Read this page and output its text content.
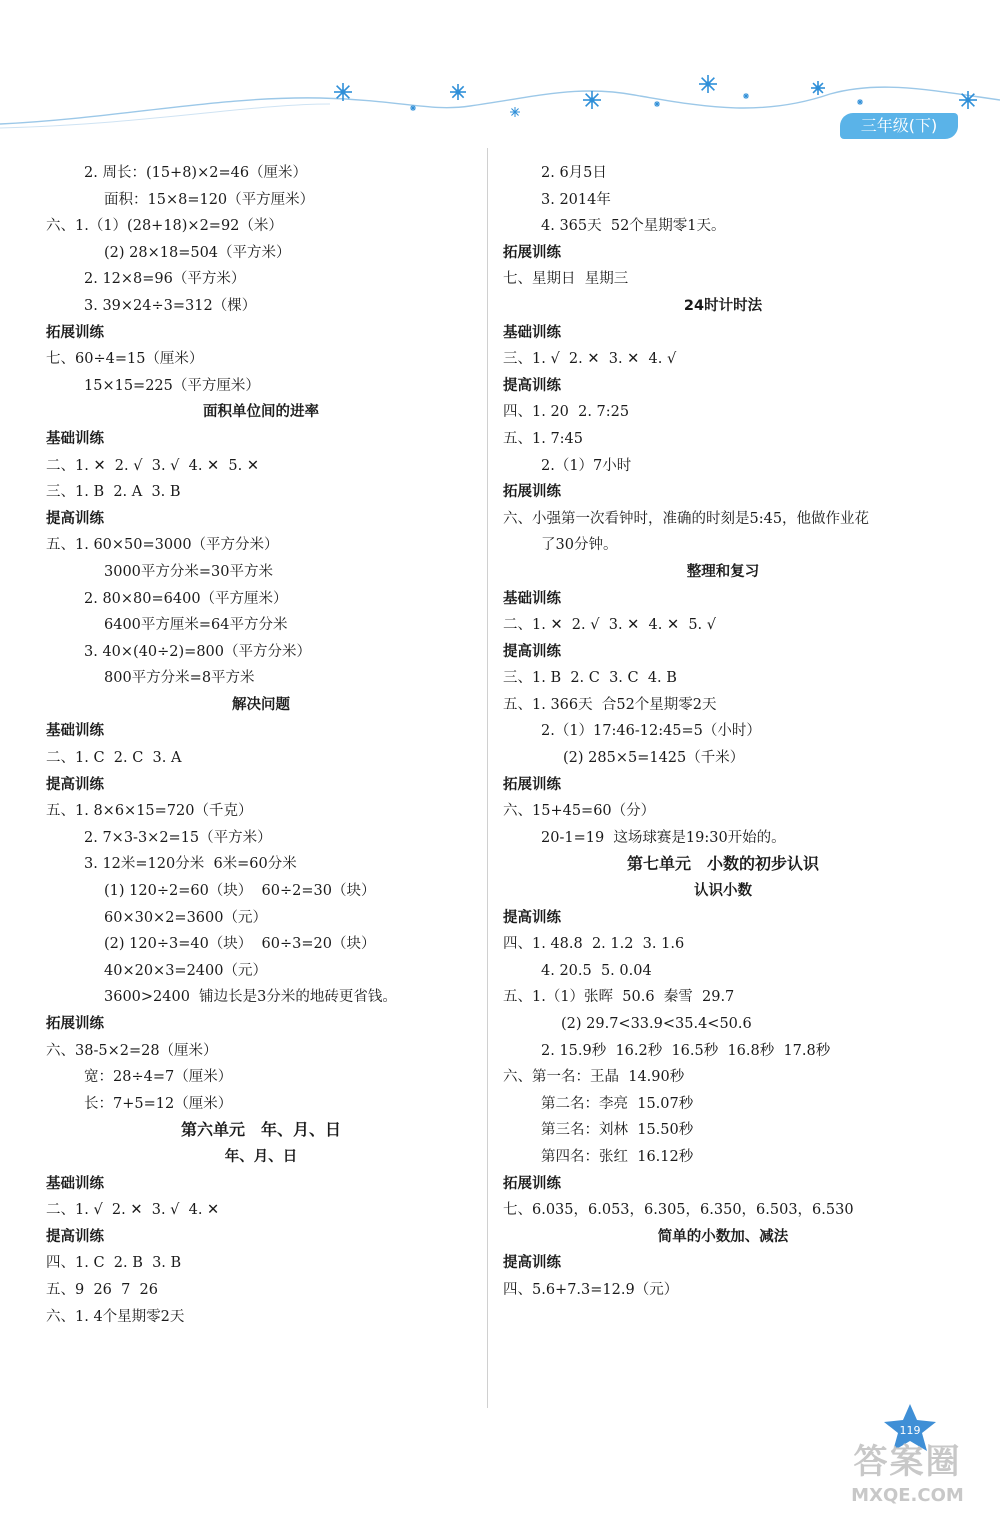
三年级(下)
2. 周长：(15+8)×2=46（厘米）
面积：15×8=120（平方厘米）
六、1.（1）(28+18)×2=92（米）
(2) 28×18=504（平方米）
2. 12×8=96（平方米）
3. 39×24÷3=312（棵）
拓展训练
七、60÷4=15（厘米）
15×15=225（平方厘米）
面积单位间的进率
基础训练
二、1. ✕  2. √  3. √  4. ✕  5. ✕
三、1. B  2. A  3. B
提高训练
五、1. 60×50=3000（平方分米）
3000平方分米=30平方米
2. 80×80=6400（平方厘米）
6400平方厘米=64平方分米
3. 40×(40÷2)=800（平方分米）
800平方分米=8平方米
解决问题
基础训练
二、1. C  2. C  3. A
提高训练
五、1. 8×6×15=720（千克）
2. 7×3-3×2=15（平方米）
3. 12米=120分米  6米=60分米
(1) 120÷2=60（块）  60÷2=30（块）
60×30×2=3600（元）
(2) 120÷3=40（块）  60÷3=20（块）
40×20×3=2400（元）
3600>2400  铺边长是3分米的地砖更省钱。
拓展训练
六、38-5×2=28（厘米）
宽：28÷4=7（厘米）
长：7+5=12（厘米）
第六单元　年、月、日
年、月、日
基础训练
二、1. √  2. ✕  3. √  4. ✕
提高训练
四、1. C  2. B  3. B
五、9  26  7  26
六、1. 4个星期零2天
2. 6月5日
3. 2014年
4. 365天  52个星期零1天。
拓展训练
七、星期日  星期三
24时计时法
基础训练
三、1. √  2. ✕  3. ✕  4. √
提高训练
四、1. 20  2. 7:25
五、1. 7:45
2.（1）7小时
拓展训练
六、小强第一次看钟时，准确的时刻是5:45，他做作业花
了30分钟。
整理和复习
基础训练
二、1. ✕  2. √  3. ✕  4. ✕  5. √
提高训练
三、1. B  2. C  3. C  4. B
五、1. 366天  合52个星期零2天
2.（1）17:46-12:45=5（小时）
(2) 285×5=1425（千米）
拓展训练
六、15+45=60（分）
20-1=19  这场球赛是19:30开始的。
第七单元　小数的初步认识
认识小数
提高训练
四、1. 48.8  2. 1.2  3. 1.6
4. 20.5  5. 0.04
五、1.（1）张晖  50.6  秦雪  29.7
(2) 29.7<33.9<35.4<50.6
2. 15.9秒  16.2秒  16.5秒  16.8秒  17.8秒
六、第一名：王晶  14.90秒
第二名：李亮  15.07秒
第三名：刘林  15.50秒
第四名：张红  16.12秒
拓展训练
七、6.035，6.053，6.305，6.350，6.503，6.530
简单的小数加、减法
提高训练
四、5.6+7.3=12.9（元）
119
答案圈
MXQE.COM
